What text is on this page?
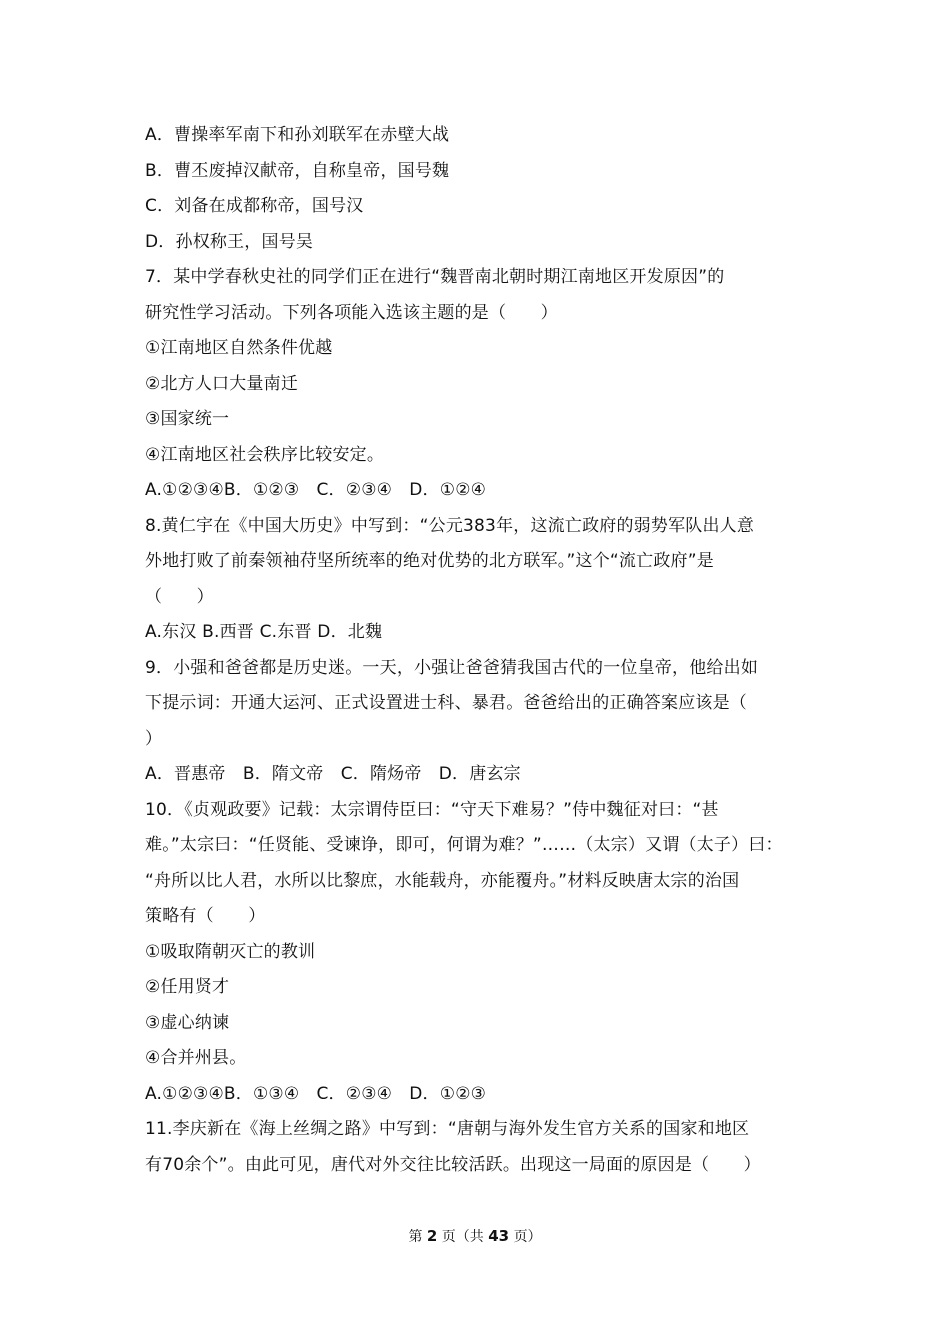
A．曹操率军南下和孙刘联军在赤壁大战
B．曹丕废掉汉献帝，自称皇帝，国号魏
C．刘备在成都称帝，国号汉
D．孙权称王，国号吴
7．某中学春秋史社的同学们正在进行“魏晋南北朝时期江南地区开发原因”的
研究性学习活动。下列各项能入选该主题的是（　　）
①江南地区自然条件优越
②北方人口大量南迁
③国家统一
④江南地区社会秩序比较安定。
A.①②③④B．①②③　C．②③④　D．①②④
8.黄仁宇在《中国大历史》中写到：“公元383年，这流亡政府的弱势军队出人意
外地打败了前秦领袖苻坚所统率的绝对优势的北方联军。”这个“流亡政府”是
（　　）
A.东汉 B.西晋 C.东晋 D．北魏
9．小强和爸爸都是历史迷。一天，小强让爸爸猜我国古代的一位皇帝，他给出如
下提示词：开通大运河、正式设置进士科、暴君。爸爸给出的正确答案应该是（
）
A．晋惠帝　B．隋文帝　C．隋炀帝　D．唐玄宗
10．《贞观政要》记载：太宗谓侍臣曰：“守天下难易？”侍中魏征对曰：“甚
难。”太宗曰：“任贤能、受谏诤，即可，何谓为难？”……（太宗）又谓（太子）曰：
“舟所以比人君，水所以比黎庶，水能载舟，亦能覆舟。”材料反映唐太宗的治国
策略有（　　）
①吸取隋朝灭亡的教训
②任用贤才
③虚心纳谏
④合并州县。
A.①②③④B．①③④　C．②③④　D．①②③
11.李庆新在《海上丝绸之路》中写到：“唐朝与海外发生官方关系的国家和地区
有70余个”。由此可见，唐代对外交往比较活跃。出现这一局面的原因是（　　）
第 2 页（共 43 页）
